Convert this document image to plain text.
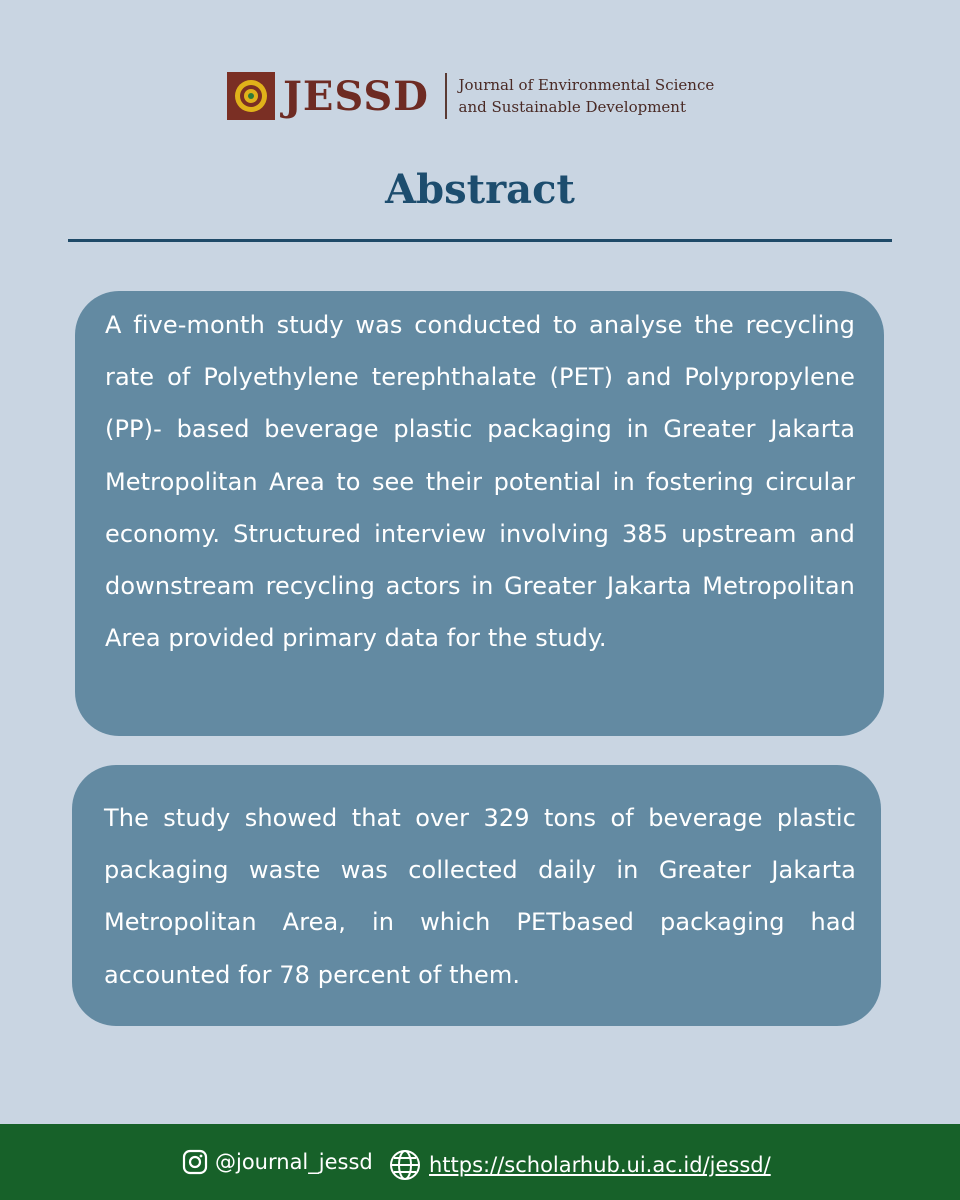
JESSD Journal of Environmental Science and Sustainable Development
Abstract
A five-month study was conducted to analyse the recycling rate of Polyethylene terephthalate (PET) and Polypropylene (PP)- based beverage plastic packaging in Greater Jakarta Metropolitan Area to see their potential in fostering circular economy. Structured interview involving 385 upstream and downstream recycling actors in Greater Jakarta Metropolitan Area provided primary data for the study.
The study showed that over 329 tons of beverage plastic packaging waste was collected daily in Greater Jakarta Metropolitan Area, in which PETbased packaging had accounted for 78 percent of them.
@journal_jessd	https://scholarhub.ui.ac.id/jessd/
